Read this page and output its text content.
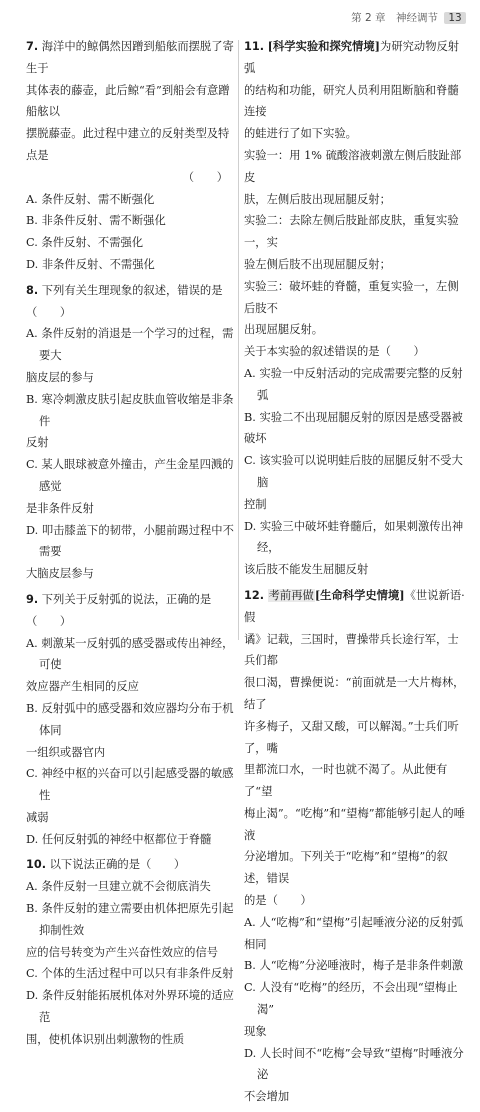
第 2 章　神经调节 13
7. 海洋中的鲸偶然因蹭到船舷而摆脱了寄生于
其体表的藤壶，此后鲸“看”到船会有意蹭船舷以
摆脱藤壶。此过程中建立的反射类型及特点是
（　　）
A. 条件反射、需不断强化
B. 非条件反射、需不断强化
C. 条件反射、不需强化
D. 非条件反射、不需强化
8. 下列有关生理现象的叙述，错误的是（　　）
A. 条件反射的消退是一个学习的过程，需要大
脑皮层的参与
B. 寒冷刺激皮肤引起皮肤血管收缩是非条件
反射
C. 某人眼球被意外撞击，产生金星四溅的感觉
是非条件反射
D. 叩击膝盖下的韧带，小腿前踢过程中不需要
大脑皮层参与
9. 下列关于反射弧的说法，正确的是（　　）
A. 刺激某一反射弧的感受器或传出神经，可使
效应器产生相同的反应
B. 反射弧中的感受器和效应器均分布于机体同
一组织或器官内
C. 神经中枢的兴奋可以引起感受器的敏感性
减弱
D. 任何反射弧的神经中枢都位于脊髓
10. 以下说法正确的是（　　）
A. 条件反射一旦建立就不会彻底消失
B. 条件反射的建立需要由机体把原先引起抑制性效
应的信号转变为产生兴奋性效应的信号
C. 个体的生活过程中可以只有非条件反射
D. 条件反射能拓展机体对外界环境的适应范
围，使机体识别出刺激物的性质
11. [科学实验和探究情境]为研究动物反射弧
的结构和功能，研究人员利用阻断脑和脊髓连接
的蛙进行了如下实验。
实验一：用 1% 硫酸溶液刺激左侧后肢趾部皮
肤，左侧后肢出现屈腿反射；
实验二：去除左侧后肢趾部皮肤，重复实验一，实
验左侧后肢不出现屈腿反射；
实验三：破坏蛙的脊髓，重复实验一，左侧后肢不
出现屈腿反射。
关于本实验的叙述错误的是（　　）
A. 实验一中反射活动的完成需要完整的反射弧
B. 实验二不出现屈腿反射的原因是感受器被
破坏
C. 该实验可以说明蛙后肢的屈腿反射不受大脑
控制
D. 实验三中破坏蛙脊髓后，如果刺激传出神经，
该后肢不能发生屈腿反射
12. 考前再做[生命科学史情境]《世说新语·假
谲》记载，三国时，曹操带兵长途行军，士兵们都
很口渴，曹操便说：“前面就是一大片梅林，结了
许多梅子，又甜又酸，可以解渴。”士兵们听了，嘴
里都流口水，一时也就不渴了。从此便有了“望
梅止渴”。“吃梅”和“望梅”都能够引起人的唾液
分泌增加。下列关于“吃梅”和“望梅”的叙述，错误
的是（　　）
A. 人“吃梅”和“望梅”引起唾液分泌的反射弧
相同
B. 人“吃梅”分泌唾液时，梅子是非条件刺激
C. 人没有“吃梅”的经历，不会出现“望梅止渴”
现象
D. 人长时间不“吃梅”会导致“望梅”时唾液分泌
不会增加
